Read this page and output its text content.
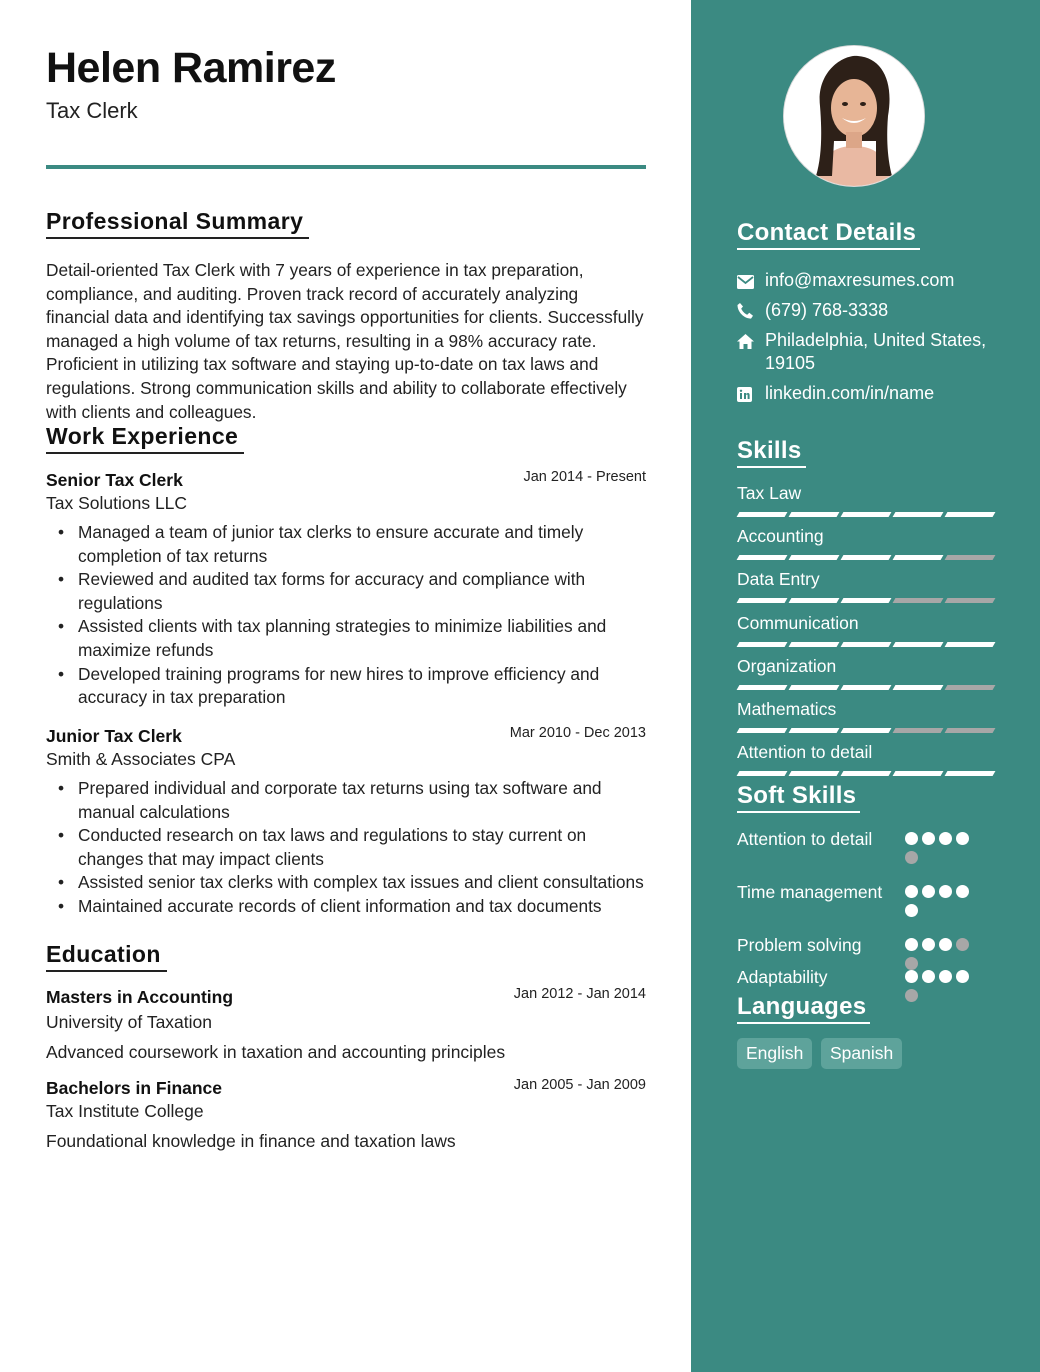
Helen Ramirez
Tax Clerk
Professional Summary

Detail-oriented Tax Clerk with 7 years of experience in tax preparation, compliance, and auditing. Proven track record of accurately analyzing financial data and identifying tax savings opportunities for clients. Successfully managed a high volume of tax returns, resulting in a 98% accuracy rate. Proficient in utilizing tax software and staying up-to-date on tax laws and regulations. Strong communication skills and ability to collaborate effectively with clients and colleagues.

Work Experience
Senior Tax Clerk	Jan 2014 - Present
Tax Solutions LLC
• Managed a team of junior tax clerks to ensure accurate and timely completion of tax returns
• Reviewed and audited tax forms for accuracy and compliance with regulations
• Assisted clients with tax planning strategies to minimize liabilities and maximize refunds
• Developed training programs for new hires to improve efficiency and accuracy in tax preparation
Junior Tax Clerk	Mar 2010 - Dec 2013
Smith & Associates CPA
• Prepared individual and corporate tax returns using tax software and manual calculations
• Conducted research on tax laws and regulations to stay current on changes that may impact clients
• Assisted senior tax clerks with complex tax issues and client consultations
• Maintained accurate records of client information and tax documents
Education
Masters in Accounting	Jan 2012 - Jan 2014
University of Taxation
Advanced coursework in taxation and accounting principles
Bachelors in Finance	Jan 2005 - Jan 2009
Tax Institute College
Foundational knowledge in finance and taxation laws
Contact Details
info@maxresumes.com
(679) 768-3338
Philadelphia, United States, 19105
linkedin.com/in/name
Skills
Tax Law
Accounting
Data Entry
Communication
Organization
Mathematics
Attention to detail
Soft Skills
Attention to detail
Time management
Problem solving
Adaptability
Languages
English	Spanish
